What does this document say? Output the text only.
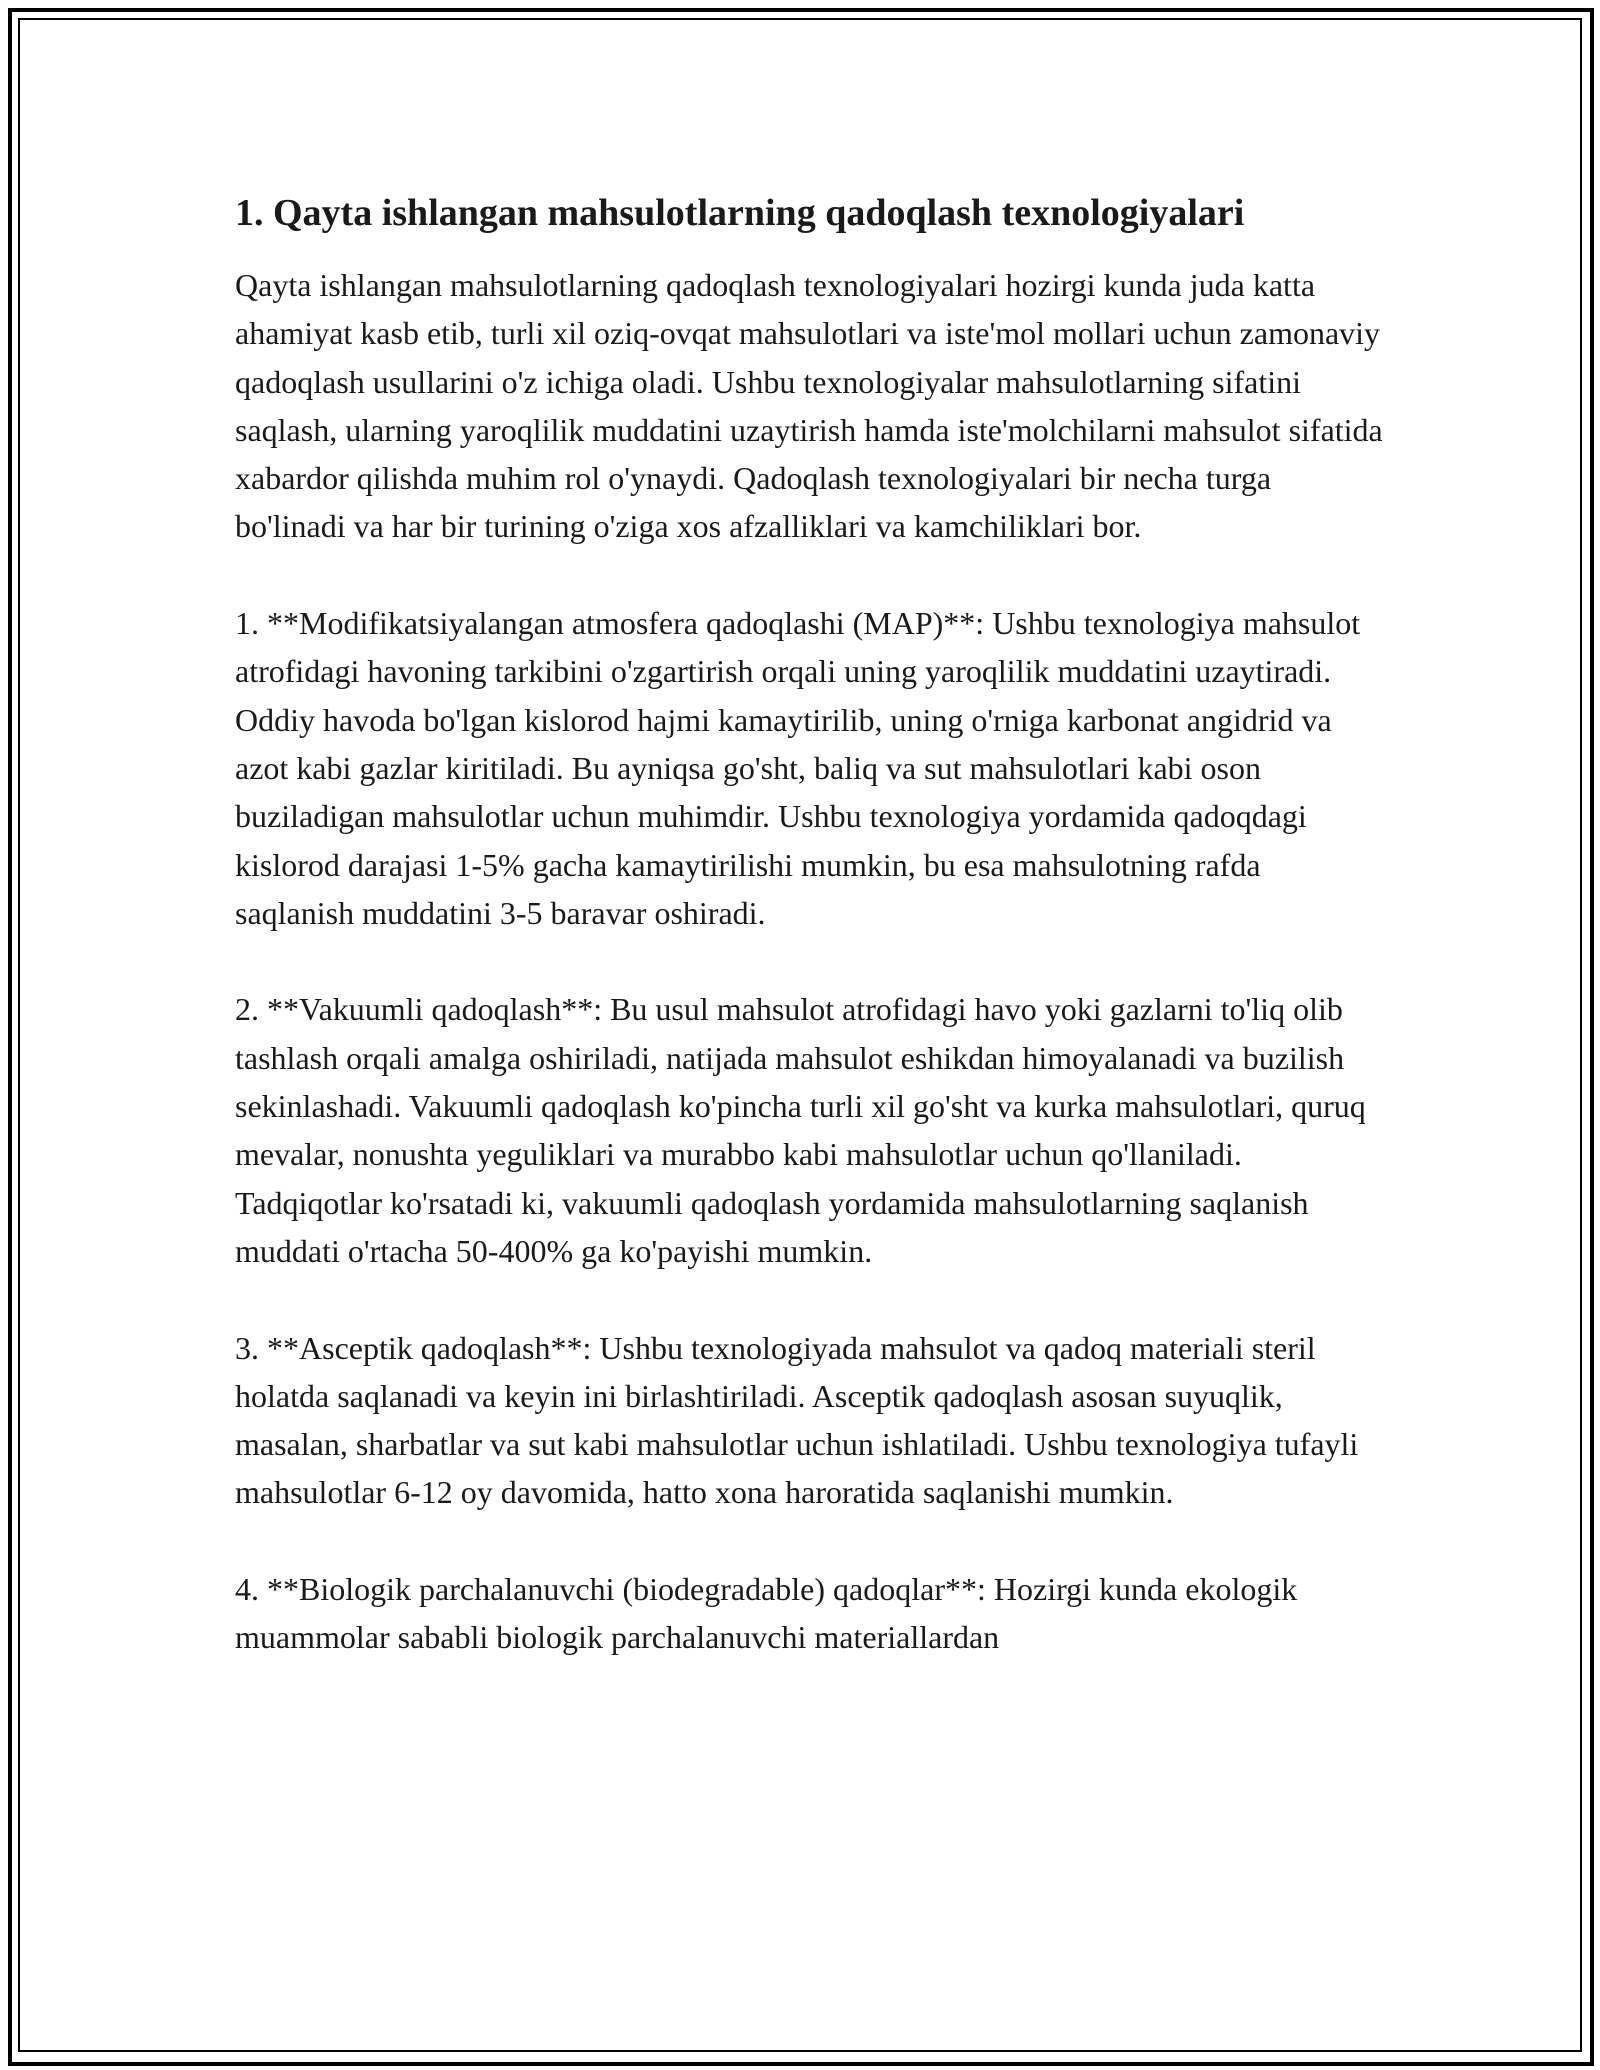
1. Qayta ishlangan mahsulotlarning qadoqlash texnologiyalari

Qayta ishlangan mahsulotlarning qadoqlash texnologiyalari hozirgi kunda juda katta ahamiyat kasb etib, turli xil oziq-ovqat mahsulotlari va iste'mol mollari uchun zamonaviy qadoqlash usullarini o'z ichiga oladi. Ushbu texnologiyalar mahsulotlarning sifatini saqlash, ularning yaroqlilik muddatini uzaytirish hamda iste'molchilarni mahsulot sifatida xabardor qilishda muhim rol o'ynaydi. Qadoqlash texnologiyalari bir necha turga bo'linadi va har bir turining o'ziga xos afzalliklari va kamchiliklari bor.

1. **Modifikatsiyalangan atmosfera qadoqlashi (MAP)**: Ushbu texnologiya mahsulot atrofidagi havoning tarkibini o'zgartirish orqali uning yaroqlilik muddatini uzaytiradi. Oddiy havoda bo'lgan kislorod hajmi kamaytirilib, uning o'rniga karbonat angidrid va azot kabi gazlar kiritiladi. Bu ayniqsa go'sht, baliq va sut mahsulotlari kabi oson buziladigan mahsulotlar uchun muhimdir. Ushbu texnologiya yordamida qadoqdagi kislorod darajasi 1-5% gacha kamaytirilishi mumkin, bu esa mahsulotning rafda saqlanish muddatini 3-5 baravar oshiradi.

2. **Vakuumli qadoqlash**: Bu usul mahsulot atrofidagi havo yoki gazlarni to'liq olib tashlash orqali amalga oshiriladi, natijada mahsulot eshikdan himoyalanadi va buzilish sekinlashadi. Vakuumli qadoqlash ko'pincha turli xil go'sht va kurka mahsulotlari, quruq mevalar, nonushta yeguliklari va murabbo kabi mahsulotlar uchun qo'llaniladi. Tadqiqotlar ko'rsatadi ki, vakuumli qadoqlash yordamida mahsulotlarning saqlanish muddati o'rtacha 50-400% ga ko'payishi mumkin.

3. **Asceptik qadoqlash**: Ushbu texnologiyada mahsulot va qadoq materiali steril holatda saqlanadi va keyin ini birlashtiriladi. Asceptik qadoqlash asosan suyuqlik, masalan, sharbatlar va sut kabi mahsulotlar uchun ishlatiladi. Ushbu texnologiya tufayli mahsulotlar 6-12 oy davomida, hatto xona haroratida saqlanishi mumkin.

4. **Biologik parchalanuvchi (biodegradable) qadoqlar**: Hozirgi kunda ekologik muammolar sababli biologik parchalanuvchi materiallardan
